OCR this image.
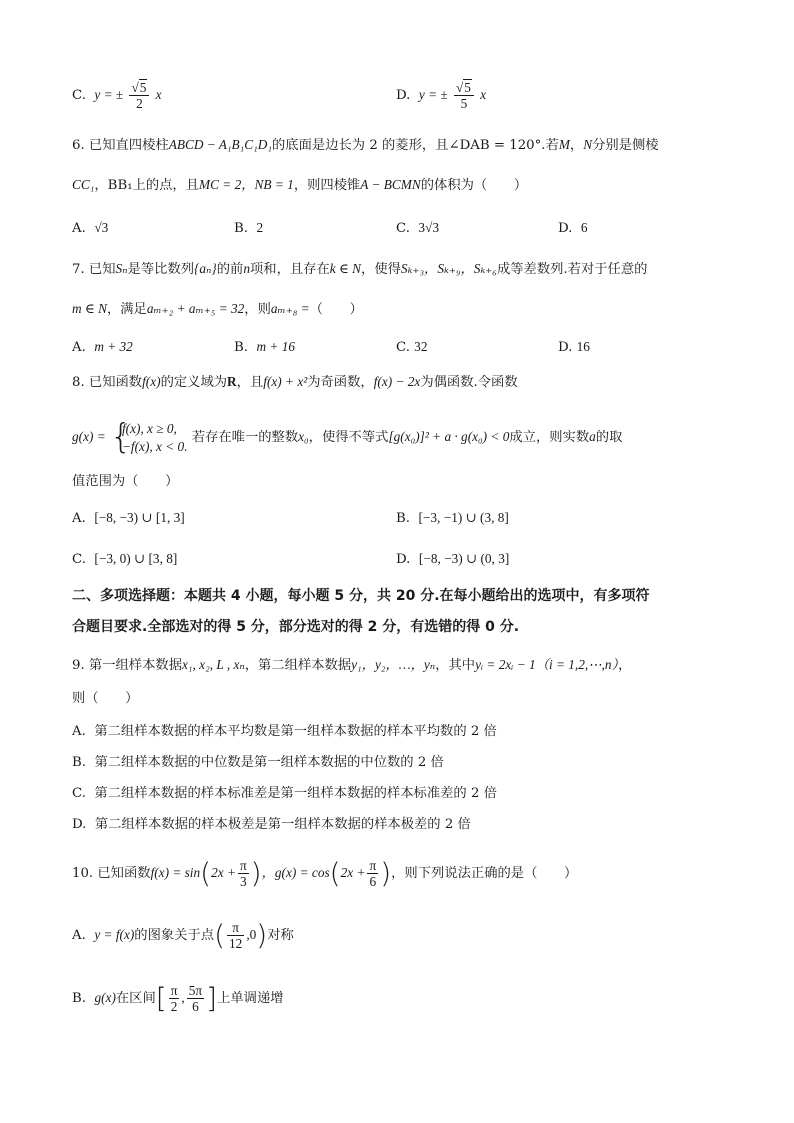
C. y = ± $\frac{√5}{2}$ x	D. y = ± $\frac{√5}{5}$ x
6. 已知直四棱柱ABCD − A₁B₁C₁D₁的底面是边长为 2 的菱形，且∠DAB = 120°.若M，N分别是侧棱
CC₁，BB₁上的点，且MC = 2，NB = 1，则四棱锥A − BCMN的体积为（　　）
A. √3	B. 2	C. 3√3	D. 6
7. 已知Sₙ是等比数列{aₙ}的前n项和，且存在k ∈ N，使得Sₖ₊₃，Sₖ₊₉，Sₖ₊₆成等差数列.若对于任意的
m ∈ N，满足aₘ₊₂ + aₘ₊₅ = 32，则aₘ₊₈ =（　　）
A. m + 32	B. m + 16	C. 32	D. 16
8. 已知函数f(x)的定义域为R，且f(x) + x²为奇函数，f(x) − 2x为偶函数.令函数
g(x) = {
f(x), x ≥ 0,
−f(x), x < 0.
若存在唯一的整数x₀，使得不等式[g(x₀)]² + a · g(x₀) < 0成立，则实数a的取
值范围为（　　）
A. [−8, −3) ∪ [1, 3]	B. [−3, −1) ∪ (3, 8]
C. [−3, 0) ∪ [3, 8]	D. [−8, −3) ∪ (0, 3]
二、多项选择题：本题共 4 小题，每小题 5 分，共 20 分.在每小题给出的选项中，有多项符
合题目要求.全部选对的得 5 分，部分选对的得 2 分，有选错的得 0 分.
9. 第一组样本数据x₁, x₂, L , xₙ，第二组样本数据y₁，y₂，…，yₙ，其中yᵢ = 2xᵢ − 1（i = 1,2,⋯,n），
则（　　）
A. 第二组样本数据的样本平均数是第一组样本数据的样本平均数的 2 倍
B. 第二组样本数据的中位数是第一组样本数据的中位数的 2 倍
C. 第二组样本数据的样本标准差是第一组样本数据的样本标准差的 2 倍
D. 第二组样本数据的样本极差是第一组样本数据的样本极差的 2 倍
10. 已知函数$f(x) = \sin(2x + \frac{\pi}{3}$ )，$g(x) = \cos(2x + \frac{\pi}{6}$ )，则下列说法正确的是（　　）
A. y = f(x)的图象关于点( $\frac{\pi}{12} ,0$)对称
B. g(x)在区间[ $\frac{\pi}{2}$ , $\frac{5\pi}{6}$ ]上单调递增
